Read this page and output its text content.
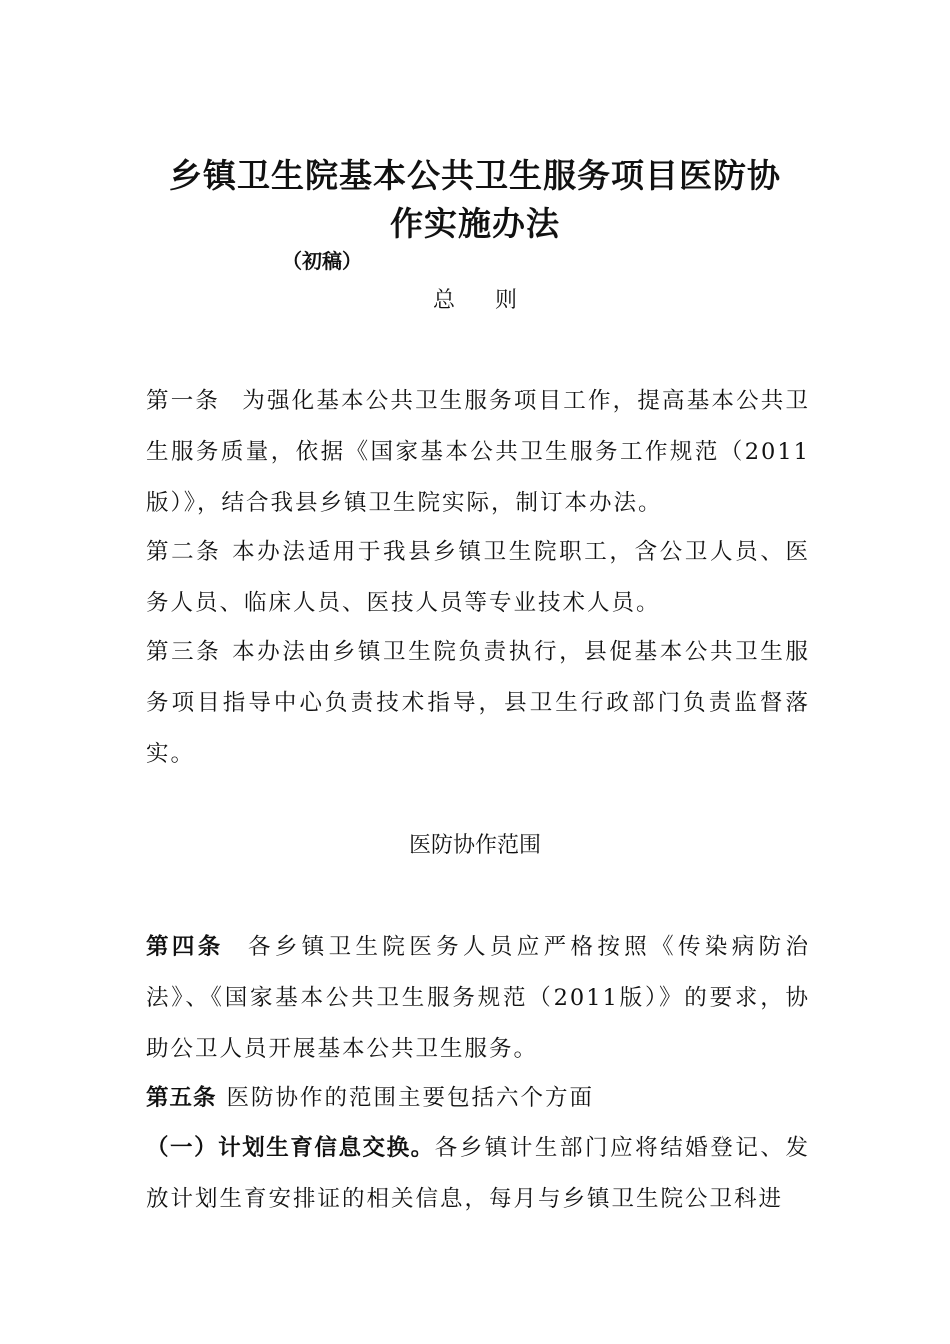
乡镇卫生院基本公共卫生服务项目医防协
作实施办法
（初稿）
总则
第一条 为强化基本公共卫生服务项目工作，提高基本公共卫生服务质量，依据《国家基本公共卫生服务工作规范（2011版）》，结合我县乡镇卫生院实际，制订本办法。
第二条 本办法适用于我县乡镇卫生院职工，含公卫人员、医务人员、临床人员、医技人员等专业技术人员。
第三条 本办法由乡镇卫生院负责执行，县促基本公共卫生服务项目指导中心负责技术指导，县卫生行政部门负责监督落实。
医防协作范围
第四条 各乡镇卫生院医务人员应严格按照《传染病防治法》、《国家基本公共卫生服务规范（2011版）》的要求，协助公卫人员开展基本公共卫生服务。
第五条 医防协作的范围主要包括六个方面
（一）计划生育信息交换。各乡镇计生部门应将结婚登记、发放计划生育安排证的相关信息，每月与乡镇卫生院公卫科进
